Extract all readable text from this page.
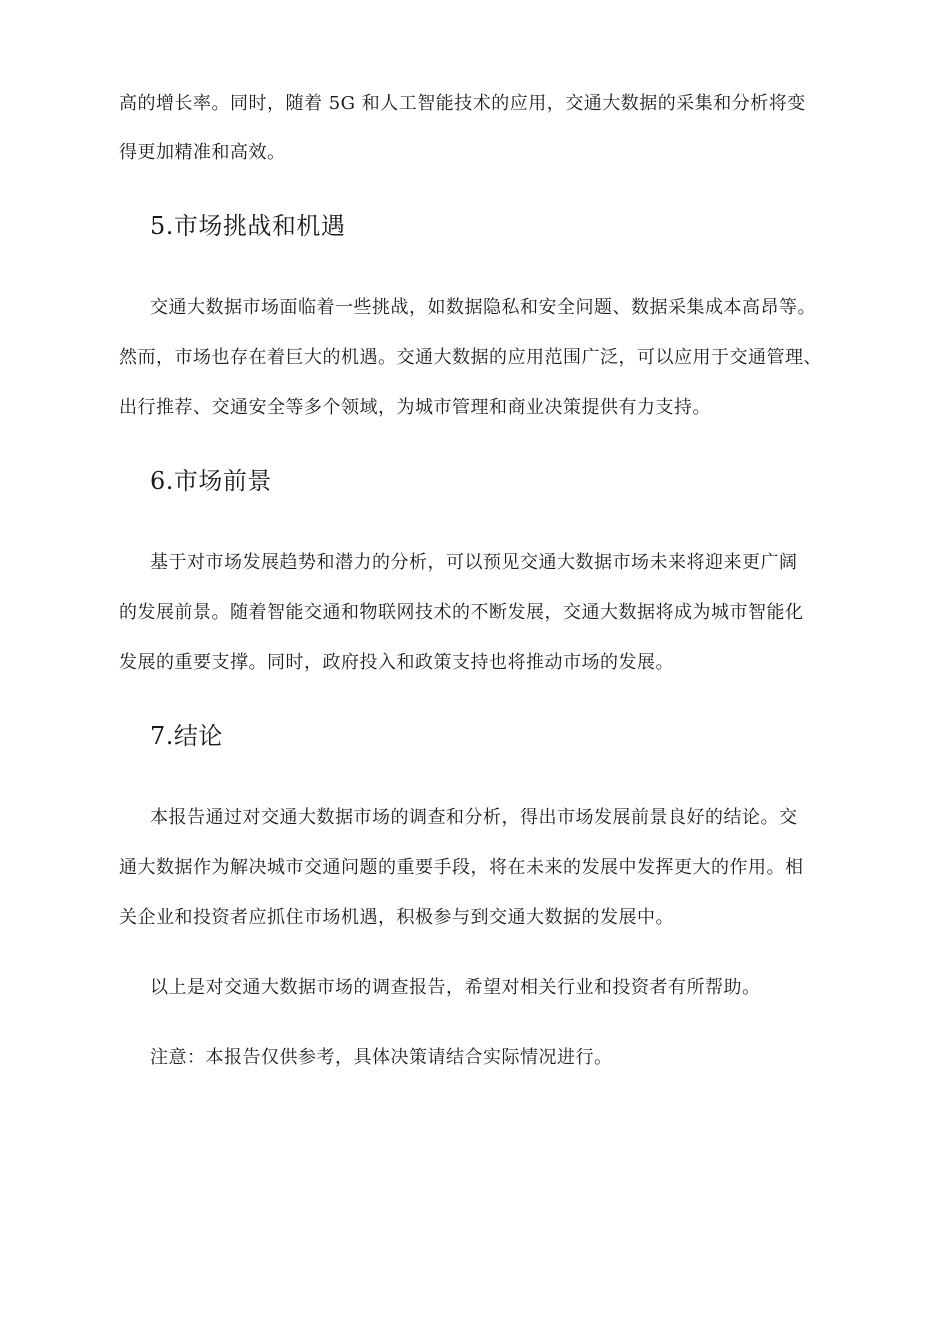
高的增长率。同时，随着 5G 和人工智能技术的应用，交通大数据的采集和分析将变
得更加精准和高效。
5.市场挑战和机遇
交通大数据市场面临着一些挑战，如数据隐私和安全问题、数据采集成本高昂等。
然而，市场也存在着巨大的机遇。交通大数据的应用范围广泛，可以应用于交通管理、
出行推荐、交通安全等多个领域，为城市管理和商业决策提供有力支持。
6.市场前景
基于对市场发展趋势和潜力的分析，可以预见交通大数据市场未来将迎来更广阔
的发展前景。随着智能交通和物联网技术的不断发展，交通大数据将成为城市智能化
发展的重要支撑。同时，政府投入和政策支持也将推动市场的发展。
7.结论
本报告通过对交通大数据市场的调查和分析，得出市场发展前景良好的结论。交
通大数据作为解决城市交通问题的重要手段，将在未来的发展中发挥更大的作用。相
关企业和投资者应抓住市场机遇，积极参与到交通大数据的发展中。
以上是对交通大数据市场的调查报告，希望对相关行业和投资者有所帮助。
注意：本报告仅供参考，具体决策请结合实际情况进行。
